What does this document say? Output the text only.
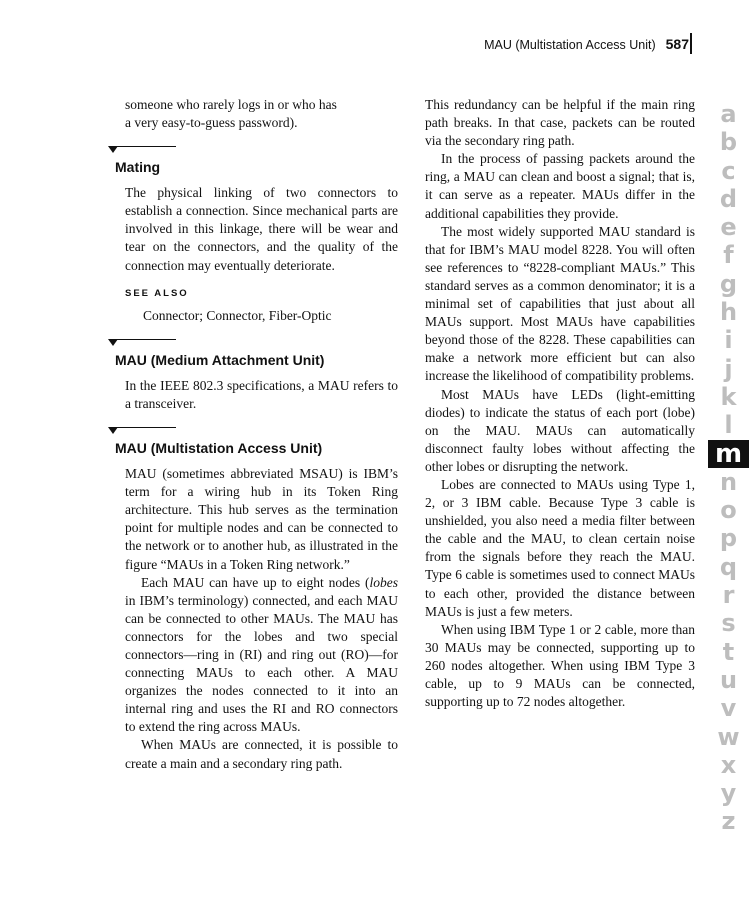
MAU (Multistation Access Unit) 587
someone who rarely logs in or who has
a very easy-to-guess password).
Mating

The physical linking of two connectors to establish a connection. Since mechanical parts are involved in this linkage, there will be wear and tear on the connectors, and the quality of the connection may eventually deteriorate.

SEE ALSO
Connector; Connector, Fiber-Optic
MAU (Medium Attachment Unit)

In the IEEE 802.3 specifications, a MAU refers to a transceiver.

MAU (Multistation Access Unit)

MAU (sometimes abbreviated MSAU) is IBM’s term for a wiring hub in its Token Ring architecture. This hub serves as the termination point for multiple nodes and can be connected to the network or to another hub, as illustrated in the figure “MAUs in a Token Ring network.”

Each MAU can have up to eight nodes (lobes in IBM’s terminology) connected, and each MAU can be connected to other MAUs. The MAU has connectors for the lobes and two special connectors—ring in (RI) and ring out (RO)—for connecting MAUs to each other. A MAU organizes the nodes connected to it into an internal ring and uses the RI and RO connectors to extend the ring across MAUs.

When MAUs are connected, it is possible to create a main and a secondary ring path.

This redundancy can be helpful if the main ring path breaks. In that case, packets can be routed via the secondary ring path.

In the process of passing packets around the ring, a MAU can clean and boost a signal; that is, it can serve as a repeater. MAUs differ in the additional capabilities they provide.

The most widely supported MAU standard is that for IBM’s MAU model 8228. You will often see references to “8228-compliant MAUs.” This standard serves as a common denominator; it is a minimal set of capabilities that just about all MAUs support. Most MAUs have capabilities beyond those of the 8228. These capabilities can make a network more efficient but can also increase the likelihood of compatibility problems.

Most MAUs have LEDs (light-emitting diodes) to indicate the status of each port (lobe) on the MAU. MAUs can automatically disconnect faulty lobes without affecting the other lobes or disrupting the network.

Lobes are connected to MAUs using Type 1, 2, or 3 IBM cable. Because Type 3 cable is unshielded, you also need a media filter between the cable and the MAU, to clean certain noise from the signals before they reach the MAU. Type 6 cable is sometimes used to connect MAUs to each other, provided the distance between MAUs is just a few meters.

When using IBM Type 1 or 2 cable, more than 30 MAUs may be connected, supporting up to 260 nodes altogether. When using IBM Type 3 cable, up to 9 MAUs can be connected, supporting up to 72 nodes altogether.

a
b
c
d
e
f
g
h
i
j
k
l
m
n
o
p
q
r
s
t
u
v
w
x
y
z
